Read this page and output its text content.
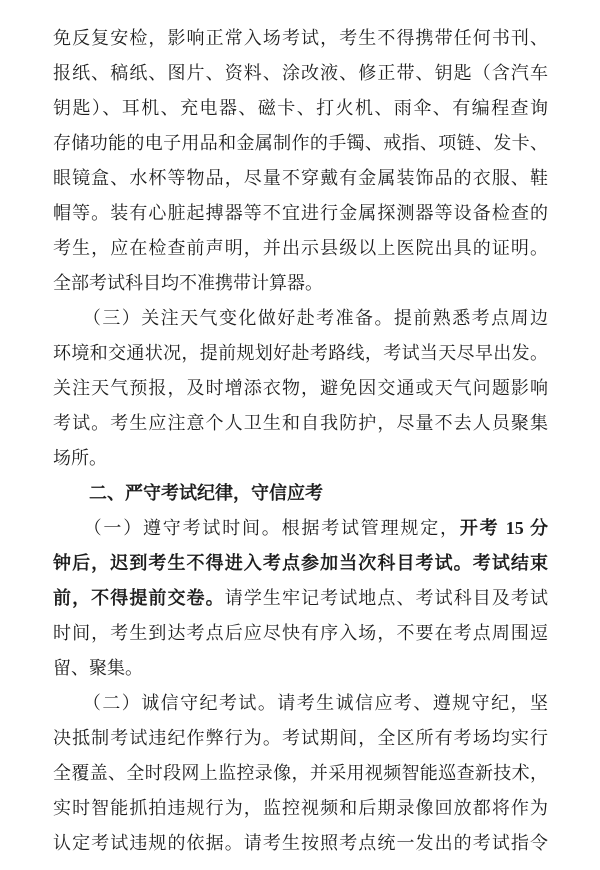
免反复安检，影响正常入场考试，考生不得携带任何书刊、
报纸、稿纸、图片、资料、涂改液、修正带、钥匙（含汽车
钥匙）、耳机、充电器、磁卡、打火机、雨伞、有编程查询
存储功能的电子用品和金属制作的手镯、戒指、项链、发卡、
眼镜盒、水杯等物品，尽量不穿戴有金属装饰品的衣服、鞋
帽等。装有心脏起搏器等不宜进行金属探测器等设备检查的
考生，应在检查前声明，并出示县级以上医院出具的证明。
全部考试科目均不准携带计算器。
　　（三）关注天气变化做好赴考准备。提前熟悉考点周边
环境和交通状况，提前规划好赴考路线，考试当天尽早出发。
关注天气预报，及时增添衣物，避免因交通或天气问题影响
考试。考生应注意个人卫生和自我防护，尽量不去人员聚集
场所。
　　二、严守考试纪律，守信应考
　　（一）遵守考试时间。根据考试管理规定，开考 15 分
钟后，迟到考生不得进入考点参加当次科目考试。考试结束
前，不得提前交卷。请学生牢记考试地点、考试科目及考试
时间，考生到达考点后应尽快有序入场，不要在考点周围逗
留、聚集。
　　（二）诚信守纪考试。请考生诚信应考、遵规守纪，坚
决抵制考试违纪作弊行为。考试期间，全区所有考场均实行
全覆盖、全时段网上监控录像，并采用视频智能巡查新技术，
实时智能抓拍违规行为，监控视频和后期录像回放都将作为
认定考试违规的依据。请考生按照考点统一发出的考试指令
